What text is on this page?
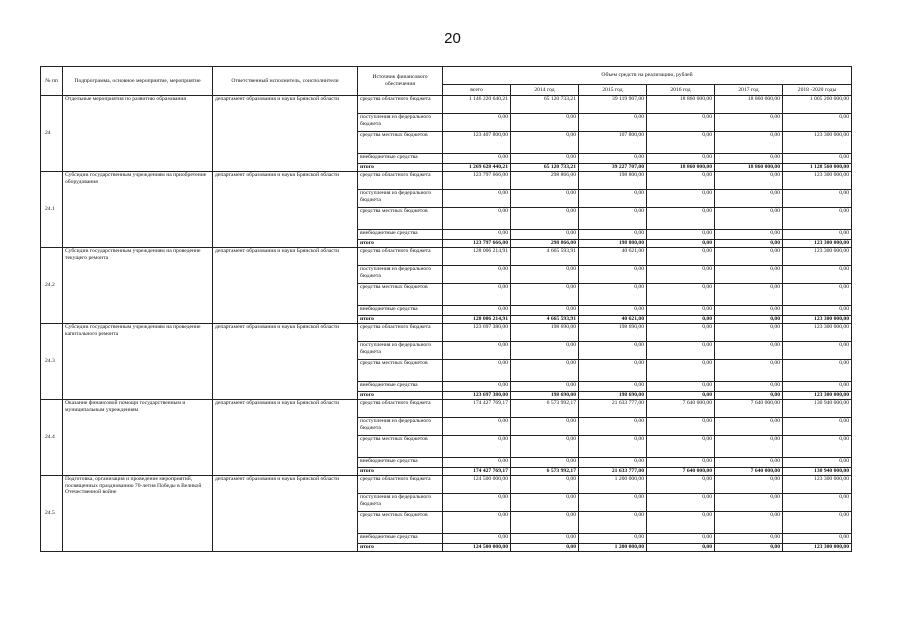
20
№ пп	Подпрограмма, основное мероприятие, мероприятие	Ответственный исполнитель, соисполнители	Источник финансового обеспечения	Объем средств на реализацию, рублей					
				всего	2014 год	2015 год	2016 год	2017 год	2018 -2020 годы
24	Отдельные мероприятия по развитию образования	департамент образования и науки Брянской области	средства областного бюджета	1 146 220 640,21	65 120 733,21	39 119 907,00	18 860 000,00	18 860 000,00	1 005 260 000,00
			поступления из федерального бюджета	0,00	0,00	0,00	0,00	0,00	0,00
			средства местных бюджетов	123 407 800,00	0,00	107 800,00	0,00	0,00	123 300 000,00
			внебюджетные средства	0,00	0,00	0,00	0,00	0,00	0,00
			итого	1 269 628 440,21	65 120 733,21	39 227 707,00	18 860 000,00	18 860 000,00	1 128 560 000,00
24.1	Субсидии государственным учреждениям на приобретение оборудования	департамент образования и науки Брянской области	средства областного бюджета	123 797 666,00	298 866,00	198 800,00	0,00	0,00	123 300 000,00
			поступления из федерального бюджета	0,00	0,00	0,00	0,00	0,00	0,00
			средства местных бюджетов	0,00	0,00	0,00	0,00	0,00	0,00
			внебюджетные средства	0,00	0,00	0,00	0,00	0,00	0,00
			итого	123 797 666,00	298 866,00	198 800,00	0,00	0,00	123 300 000,00
24.2	Субсидии государственным учреждениям на проведение текущего ремонта	департамент образования и науки Брянской области	средства областного бюджета	128 006 214,91	4 665 593,91	40 621,00	0,00	0,00	123 300 000,00
			поступления из федерального бюджета	0,00	0,00	0,00	0,00	0,00	0,00
			средства местных бюджетов	0,00	0,00	0,00	0,00	0,00	0,00
			внебюджетные средства	0,00	0,00	0,00	0,00	0,00	0,00
			итого	128 006 214,91	4 665 593,91	40 621,00	0,00	0,00	123 300 000,00
24.3	Субсидии государственным учреждениям на проведение капитального ремонта	департамент образования и науки Брянской области	средства областного бюджета	123 697 380,00	198 690,00	198 690,00	0,00	0,00	123 300 000,00
			поступления из федерального бюджета	0,00	0,00	0,00	0,00	0,00	0,00
			средства местных бюджетов	0,00	0,00	0,00	0,00	0,00	0,00
			внебюджетные средства	0,00	0,00	0,00	0,00	0,00	0,00
			итого	123 697 380,00	198 690,00	198 690,00	0,00	0,00	123 300 000,00
24.4	Оказание финансовой помощи государственным и муниципальным учреждениям	департамент образования и науки Брянской области	средства областного бюджета	174 427 769,17	6 573 992,17	21 633 777,00	7 640 000,00	7 640 000,00	130 940 000,00
			поступления из федерального бюджета	0,00	0,00	0,00	0,00	0,00	0,00
			средства местных бюджетов	0,00	0,00	0,00	0,00	0,00	0,00
			внебюджетные средства	0,00	0,00	0,00	0,00	0,00	0,00
			итого	174 427 769,17	6 573 992,17	21 633 777,00	7 640 000,00	7 640 000,00	130 940 000,00
24.5	Подготовка, организация и проведение мероприятий, посвященных празднованию 70-летия Победы в Великой Отечественной войне	департамент образования и науки Брянской области	средства областного бюджета	124 500 000,00	0,00	1 200 000,00	0,00	0,00	123 300 000,00
			поступления из федерального бюджета	0,00	0,00	0,00	0,00	0,00	0,00
			средства местных бюджетов	0,00	0,00	0,00	0,00	0,00	0,00
			внебюджетные средства	0,00	0,00	0,00	0,00	0,00	0,00
			итого	124 500 000,00	0,00	1 200 000,00	0,00	0,00	123 300 000,00
